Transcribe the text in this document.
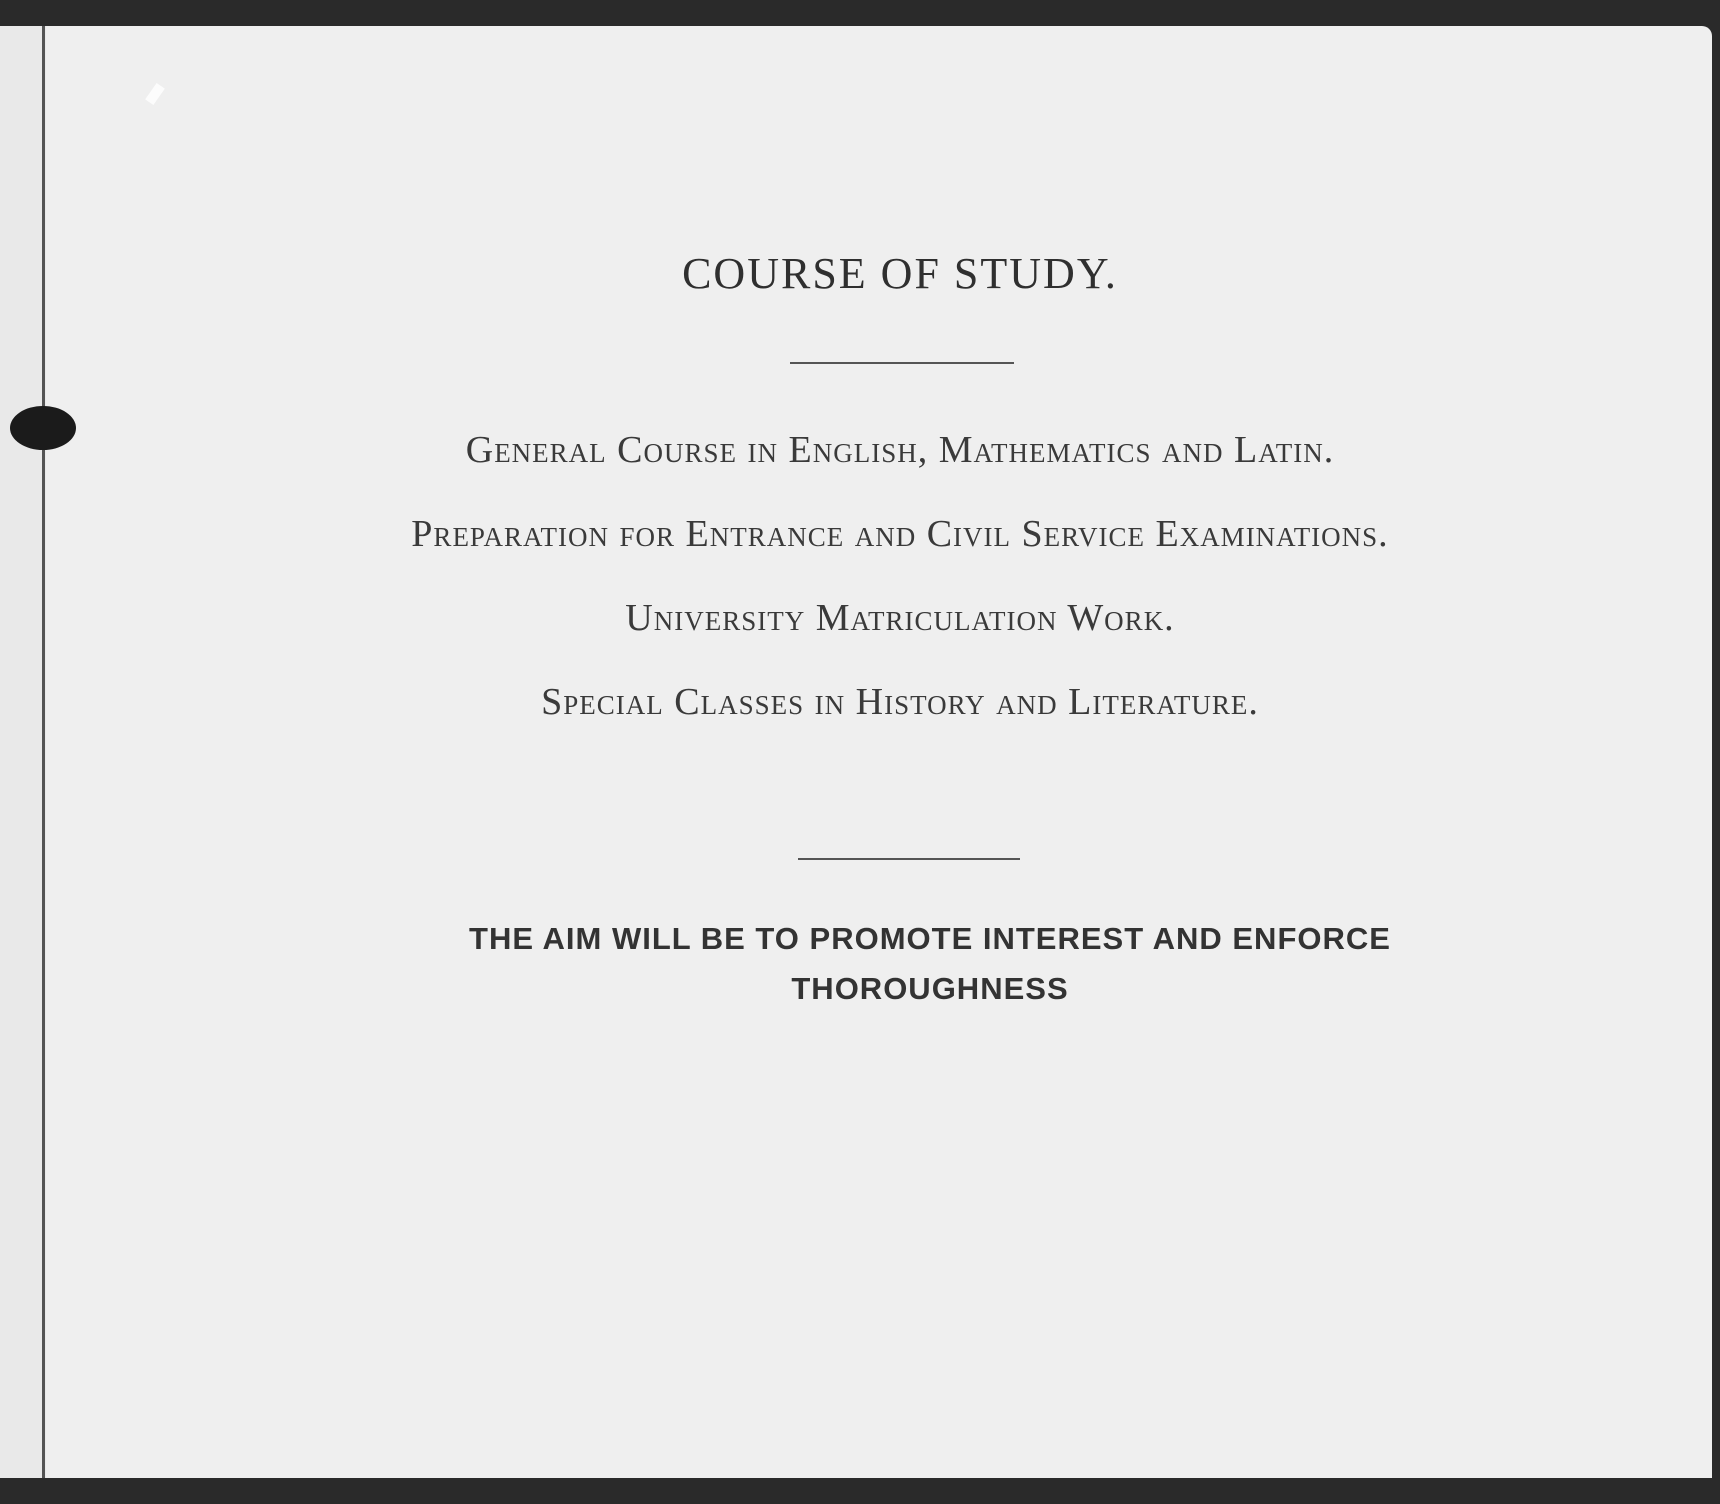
COURSE OF STUDY.
General Course in English, Mathematics and Latin.
Preparation for Entrance and Civil Service Examinations.
University Matriculation Work.
Special Classes in History and Literature.
THE AIM WILL BE TO PROMOTE INTEREST AND ENFORCE THOROUGHNESS
